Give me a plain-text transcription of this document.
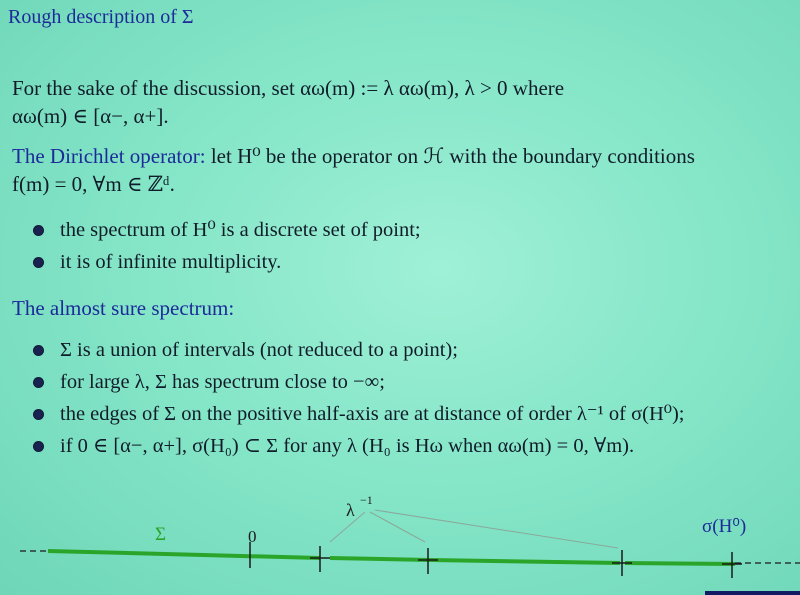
Rough description of Σ
For the sake of the discussion, set αω(m) := λ αω(m), λ > 0 where
αω(m) ∈ [α−, α+].
The Dirichlet operator: let H⁰ be the operator on ℋ with the boundary conditions
f(m) = 0, ∀m ∈ ℤᵈ.
the spectrum of H⁰ is a discrete set of point;
it is of infinite multiplicity.
The almost sure spectrum:
Σ is a union of intervals (not reduced to a point);
for large λ, Σ has spectrum close to −∞;
the edges of Σ on the positive half-axis are at distance of order λ⁻¹ of σ(H⁰);
if 0 ∈ [α−, α+], σ(H₀) ⊂ Σ for any λ (H₀ is Hω when αω(m) = 0, ∀m).
Σ	0
λ −1
σ(H⁰)
